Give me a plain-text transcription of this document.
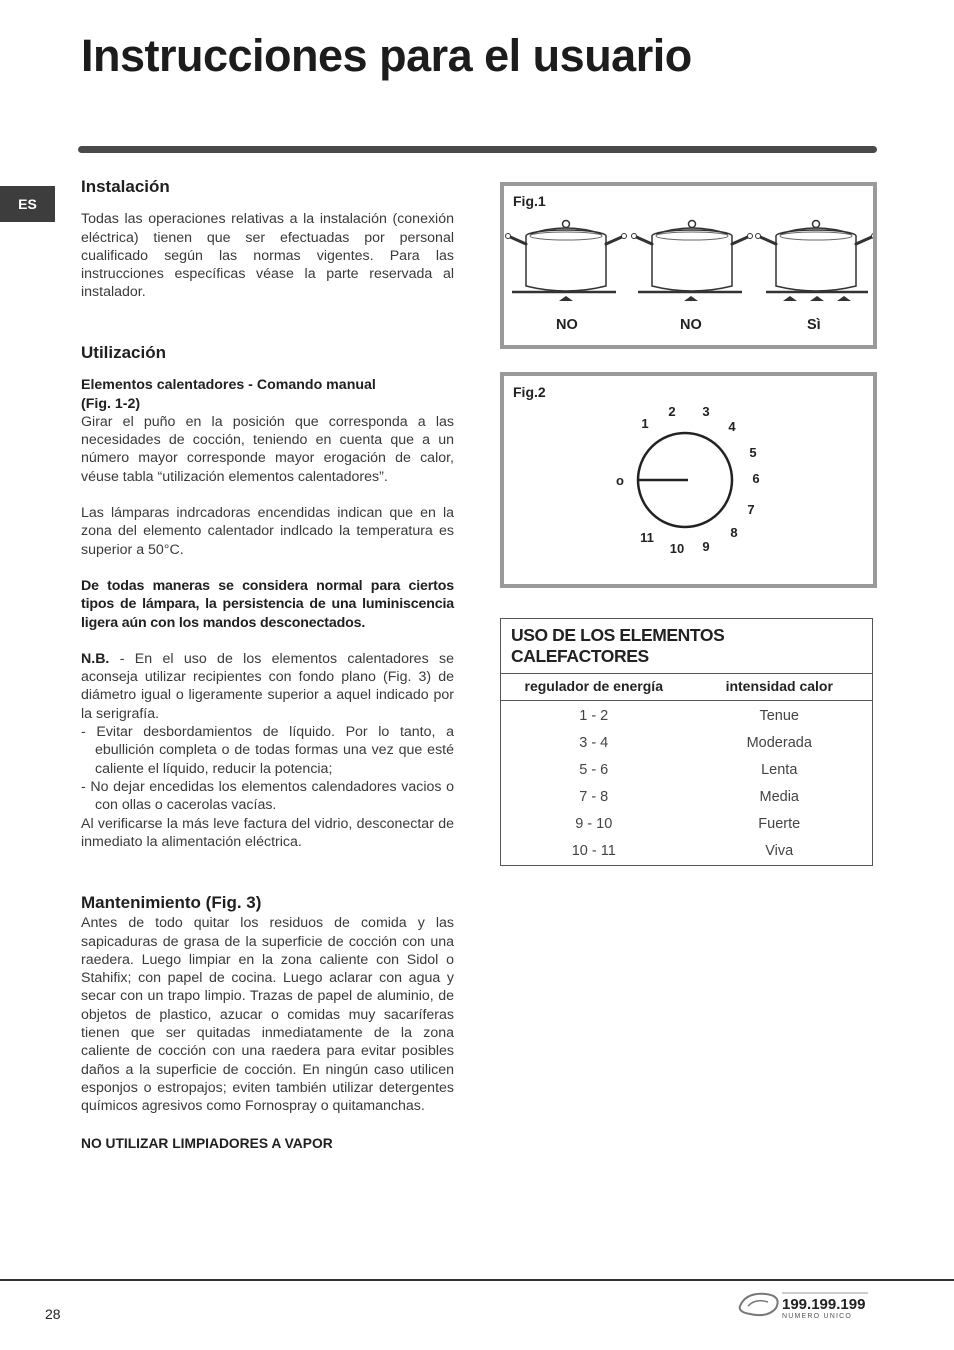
Instrucciones para el usuario
ES
Instalación

Todas las operaciones relativas a la instalación (conexión eléctrica) tienen que ser efectuadas por personal cualificado según las normas vigentes. Para las instrucciones específicas véase la parte reservada al instalador.

Utilización
Elementos calentadores - Comando manual
(Fig. 1-2)

Girar el puño en la posición que corresponda a las necesidades de cocción, teniendo en cuenta que a un número mayor corresponde mayor erogación de calor, véuse tabla “utilización elementos calentadores”.

Las lámparas indrcadoras encendidas indican que en la zona del elemento calentador indlcado la temperatura es superior a 50°C.

De todas maneras se considera normal para ciertos tipos de lámpara, la persistencia de una luminiscencia ligera aún con los mandos desconectados.

N.B. - En el uso de los elementos calentadores se aconseja utilizar recipientes con fondo plano (Fig. 3) de diámetro igual o ligeramente superior a aquel indicado por la serigrafía.

- Evitar desbordamientos de líquido. Por lo tanto, a ebullición completa o de todas formas una vez que esté caliente el líquido, reducir la potencia;
- No dejar encedidas los elementos calendadores vacios o con ollas o cacerolas vacías.

Al verificarse la más leve factura del vidrio, desconectar de inmediato la alimentación eléctrica.

Mantenimiento (Fig. 3)

Antes de todo quitar los residuos de comida y las sapicaduras de grasa de la superficie de cocción con una raedera. Luego limpiar en la zona caliente con Sidol o Stahifix; con papel de cocina. Luego aclarar con agua y secar con un trapo limpio. Trazas de papel de aluminio, de objetos de plastico, azucar o comidas muy sacaríferas tienen que ser quitadas inmediatamente de la zona caliente de cocción con una raedera para evitar posibles daños a la superficie de cocción. En ningún caso utilicen esponjos o estropajos; eviten también utilizar detergentes químicos agresivos como Fornospray o quitamanchas.

NO UTILIZAR LIMPIADORES A VAPOR
Fig.1
NO	NO	Sì
Fig.2
o
1
2 3
4
5
6
7
8
9
10
11
USO DE LOS ELEMENTOS CALEFACTORES	
regulador de energía	intensidad calor
1 - 2	Tenue
3 - 4	Moderada
5 - 6	Lenta
7 - 8	Media
9 - 10	Fuerte
10 - 11	Viva
28
199.199.199
NUMERO UNICO
